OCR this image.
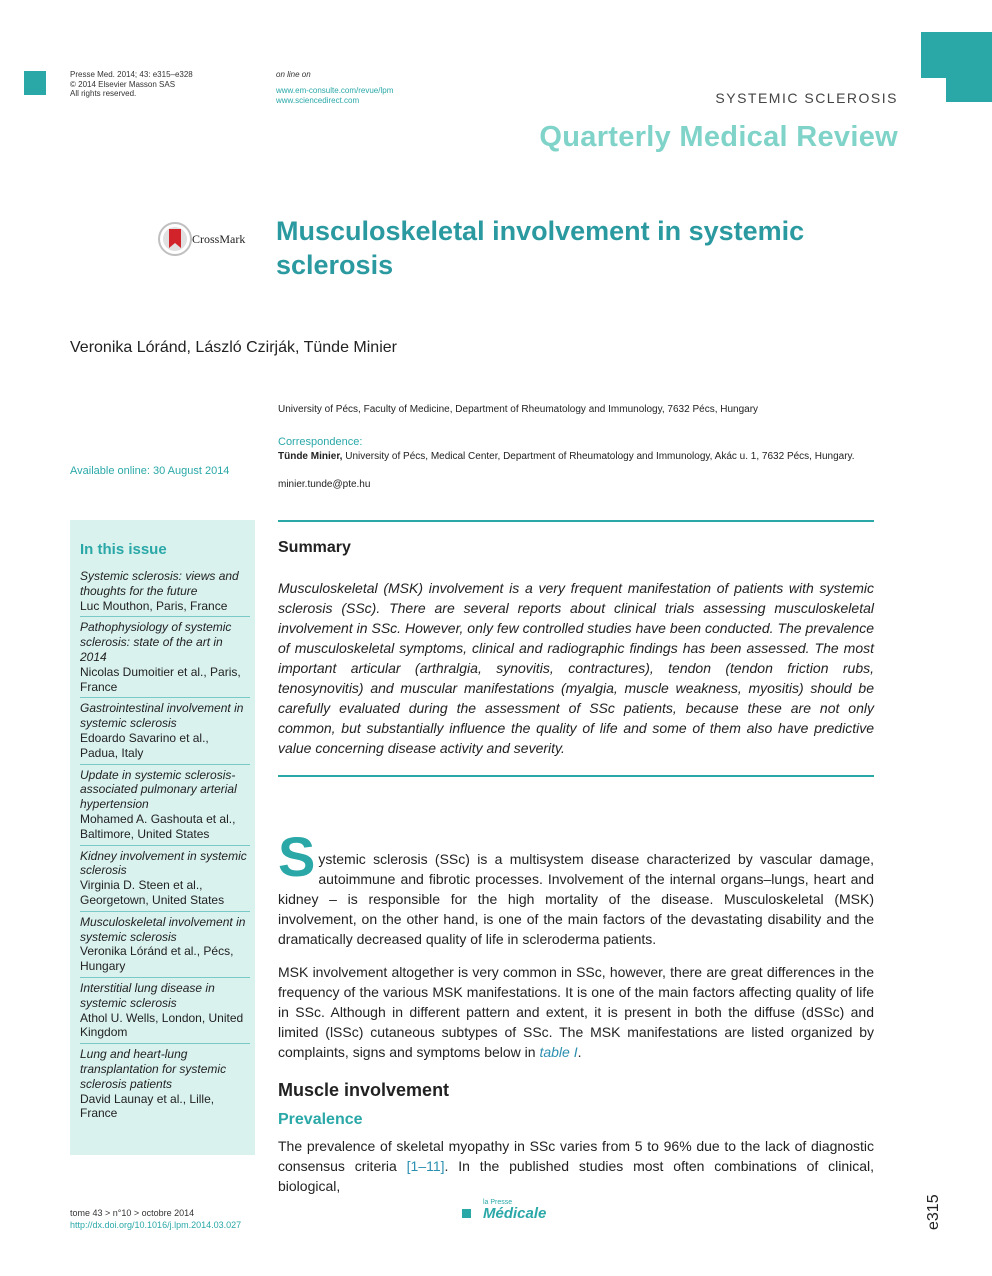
Presse Med. 2014; 43: e315–e328
© 2014 Elsevier Masson SAS
All rights reserved.
on line on
www.em-consulte.com/revue/lpm
www.sciencedirect.com	SYSTEMIC SCLEROSIS
Quarterly Medical Review
CrossMark Musculoskeletal involvement in systemic sclerosis
Veronika Lóránd, László Czirják, Tünde Minier
University of Pécs, Faculty of Medicine, Department of Rheumatology and Immunology, 7632 Pécs, Hungary
Correspondence:
Tünde Minier, University of Pécs, Medical Center, Department of Rheumatology and Immunology, Akác u. 1, 7632 Pécs, Hungary.
minier.tunde@pte.hu
Available online: 30 August 2014
In this issue
Systemic sclerosis: views and thoughts for the future
Luc Mouthon, Paris, France
Pathophysiology of systemic sclerosis: state of the art in 2014
Nicolas Dumoitier et al., Paris, France
Gastrointestinal involvement in systemic sclerosis
Edoardo Savarino et al., Padua, Italy
Update in systemic sclerosis-associated pulmonary arterial hypertension
Mohamed A. Gashouta et al., Baltimore, United States
Kidney involvement in systemic sclerosis
Virginia D. Steen et al., Georgetown, United States
Musculoskeletal involvement in systemic sclerosis
Veronika Lóránd et al., Pécs, Hungary
Interstitial lung disease in systemic sclerosis
Athol U. Wells, London, United Kingdom
Lung and heart-lung transplantation for systemic sclerosis patients
David Launay et al., Lille, France
Summary
Musculoskeletal (MSK) involvement is a very frequent manifestation of patients with systemic sclerosis (SSc). There are several reports about clinical trials assessing musculoskeletal involvement in SSc. However, only few controlled studies have been conducted. The prevalence of musculoskeletal symptoms, clinical and radiographic findings has been assessed. The most important articular (arthralgia, synovitis, contractures), tendon (tendon friction rubs, tenosynovitis) and muscular manifestations (myalgia, muscle weakness, myositis) should be carefully evaluated during the assessment of SSc patients, because these are not only common, but substantially influence the quality of life and some of them also have predictive value concerning disease activity and severity.
Systemic sclerosis (SSc) is a multisystem disease characterized by vascular damage, autoimmune and fibrotic processes. Involvement of the internal organs–lungs, heart and kidney – is responsible for the high mortality of the disease. Musculoskeletal (MSK) involvement, on the other hand, is one of the main factors of the devastating disability and the dramatically decreased quality of life in scleroderma patients.
MSK involvement altogether is very common in SSc, however, there are great differences in the frequency of the various MSK manifestations. It is one of the main factors affecting quality of life in SSc. Although in different pattern and extent, it is present in both the diffuse (dSSc) and limited (lSSc) cutaneous subtypes of SSc. The MSK manifestations are listed organized by complaints, signs and symptoms below in table I.
Muscle involvement
Prevalence
The prevalence of skeletal myopathy in SSc varies from 5 to 96% due to the lack of diagnostic consensus criteria [1–11]. In the published studies most often combinations of clinical, biological,
tome 43 > n°10 > octobre 2014
http://dx.doi.org/10.1016/j.lpm.2014.03.027
la Presse
Médicale	e315
